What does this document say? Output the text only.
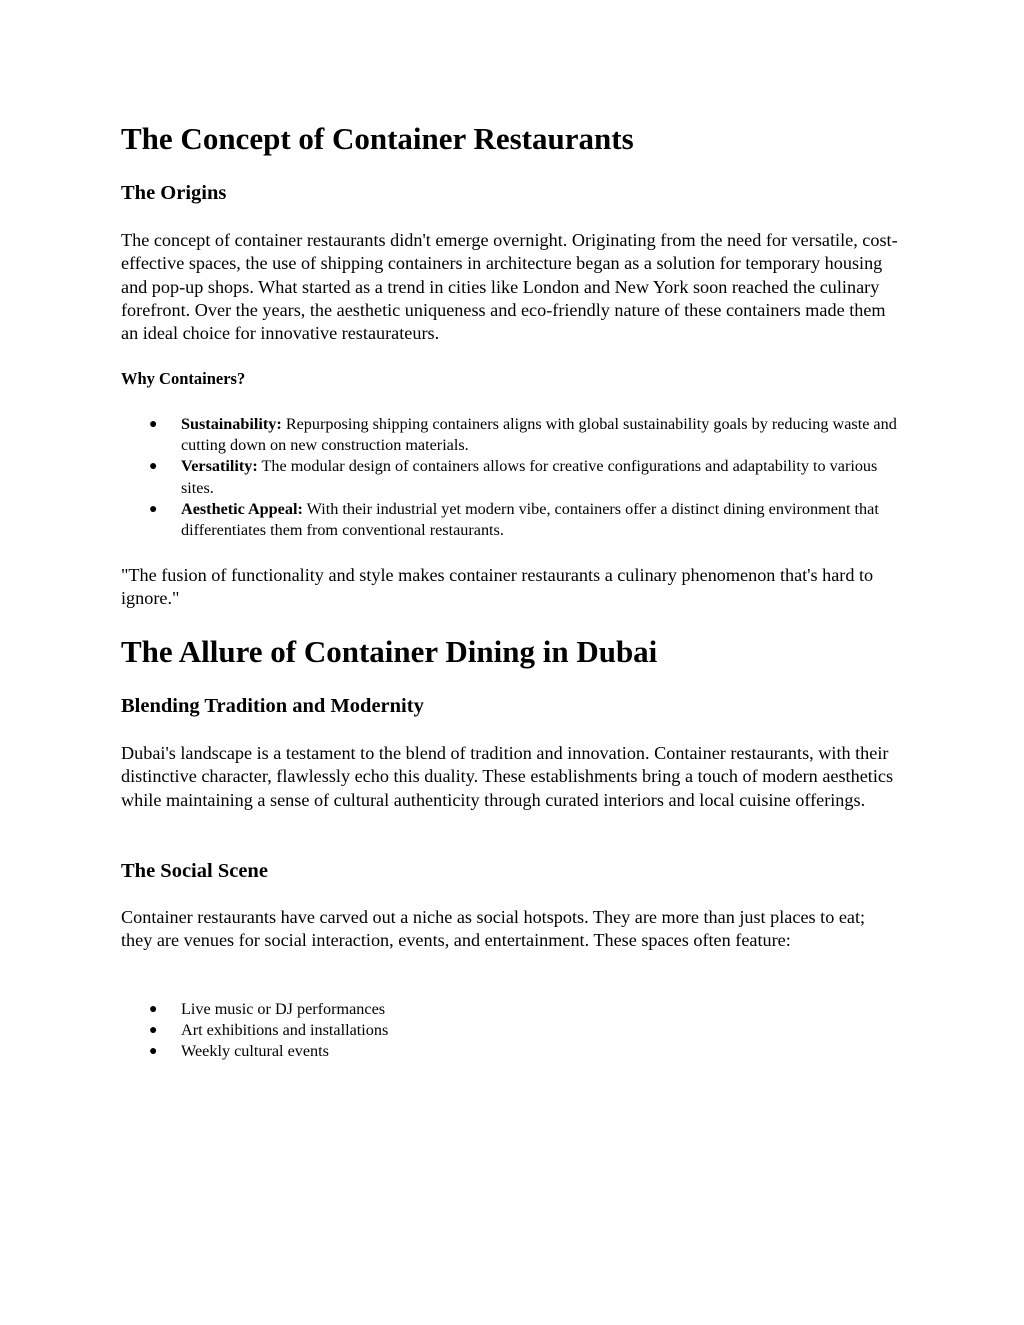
The Concept of Container Restaurants
The Origins

The concept of container restaurants didn't emerge overnight. Originating from the need for versatile, cost-effective spaces, the use of shipping containers in architecture began as a solution for temporary housing and pop-up shops. What started as a trend in cities like London and New York soon reached the culinary forefront. Over the years, the aesthetic uniqueness and eco-friendly nature of these containers made them an ideal choice for innovative restaurateurs.

Why Containers?
● Sustainability: Repurposing shipping containers aligns with global sustainability goals by reducing waste and cutting down on new construction materials.
● Versatility: The modular design of containers allows for creative configurations and adaptability to various sites.
● Aesthetic Appeal: With their industrial yet modern vibe, containers offer a distinct dining environment that differentiates them from conventional restaurants.

"The fusion of functionality and style makes container restaurants a culinary phenomenon that's hard to ignore."

The Allure of Container Dining in Dubai
Blending Tradition and Modernity

Dubai's landscape is a testament to the blend of tradition and innovation. Container restaurants, with their distinctive character, flawlessly echo this duality. These establishments bring a touch of modern aesthetics while maintaining a sense of cultural authenticity through curated interiors and local cuisine offerings.

The Social Scene

Container restaurants have carved out a niche as social hotspots. They are more than just places to eat; they are venues for social interaction, events, and entertainment. These spaces often feature:

● Live music or DJ performances
● Art exhibitions and installations
● Weekly cultural events
